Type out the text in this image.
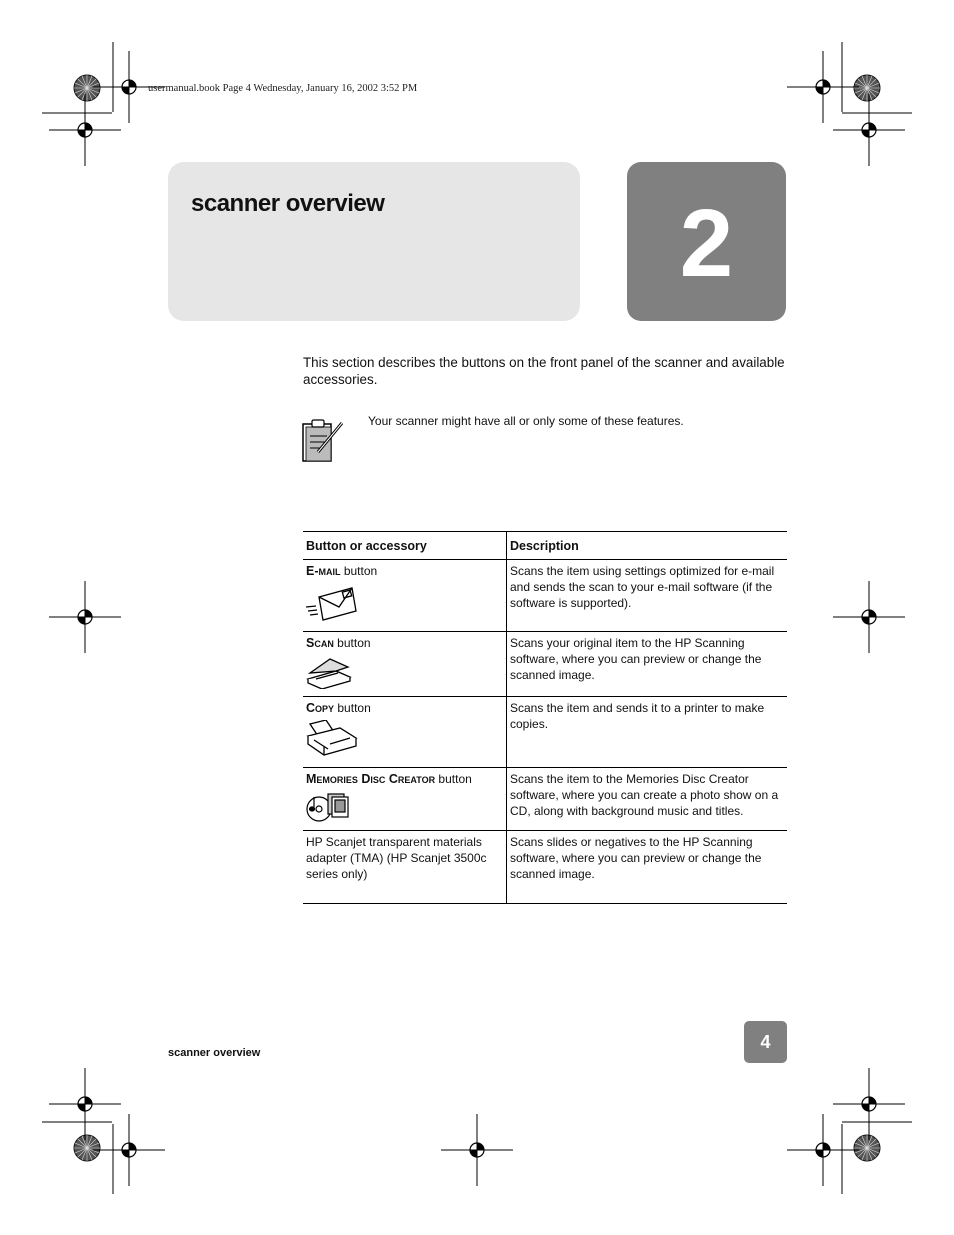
usermanual.book Page 4 Wednesday, January 16, 2002 3:52 PM
scanner overview	2
This section describes the buttons on the front panel of the scanner and available accessories.
Your scanner might have all or only some of these features.
Button or accessory	Description
E-mail button	Scans the item using settings optimized for e-mail and sends the scan to your e-mail software (if the software is supported).
Scan button	Scans your original item to the HP Scanning software, where you can preview or change the scanned image.
Copy button	Scans the item and sends it to a printer to make copies.
Memories Disc Creator button	Scans the item to the Memories Disc Creator software, where you can create a photo show on a CD, along with background music and titles.
HP Scanjet transparent materials adapter (TMA) (HP Scanjet 3500c series only)	Scans slides or negatives to the HP Scanning software, where you can preview or change the scanned image.
scanner overview
4
